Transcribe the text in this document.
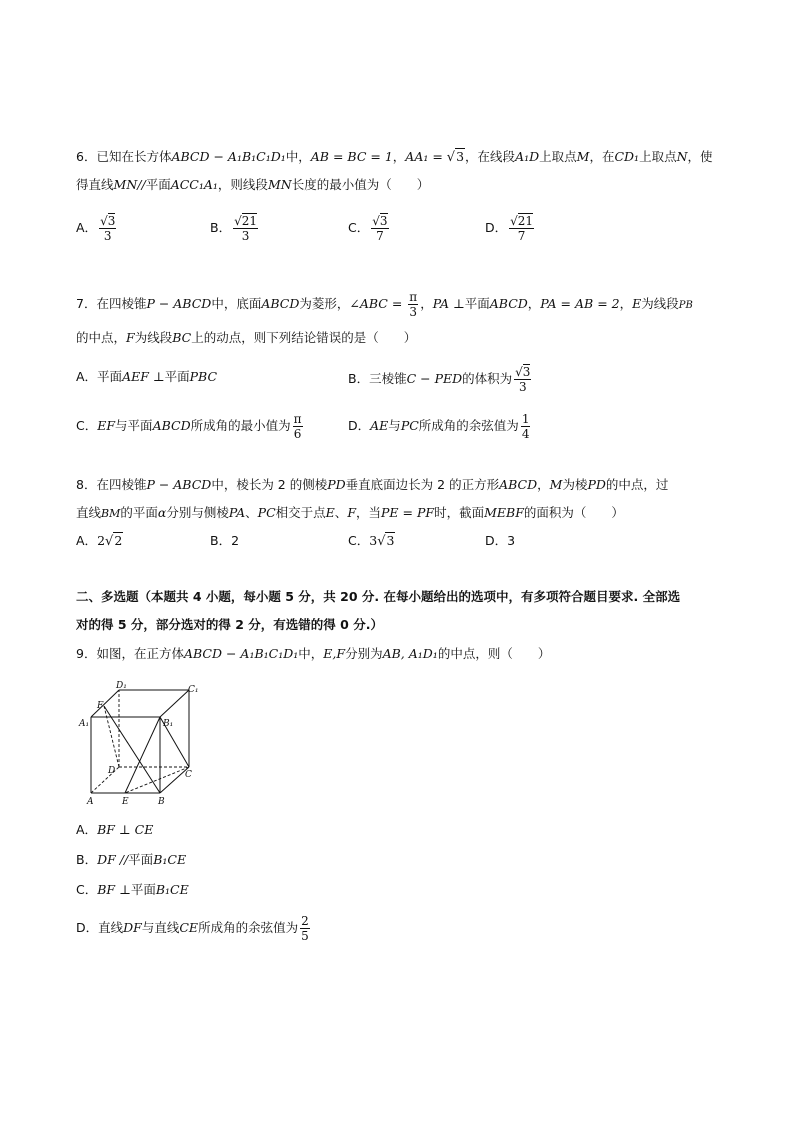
6．已知在长方体ABCD − A₁B₁C₁D₁中，AB = BC = 1，AA₁ = √3，在线段A₁D上取点M，在CD₁上取点N，使
得直线MN//平面ACC₁A₁，则线段MN长度的最小值为（　　）
A． $\frac{√3}{3}$	B． $\frac{√21}{3}$	C． $\frac{√3}{7}$	D． $\frac{√21}{7}$
7．在四棱锥P − ABCD中，底面ABCD为菱形，∠ABC = $\frac{\pi}{3}$ ，PA ⊥平面ABCD，PA = AB = 2，E为线段PB
的中点，F为线段BC上的动点，则下列结论错误的是（　　）
A．平面AEF ⊥平面PBC	B．三棱锥C − PED的体积为 $\frac{√3}{3}$
C．EF与平面ABCD所成角的最小值为 $\frac{\pi}{6}$	D．AE与PC所成角的余弦值为 $\frac{1}{4}$
8．在四棱锥P − ABCD中，棱长为 2 的侧棱PD垂直底面边长为 2 的正方形ABCD，M为棱PD的中点，过
直线BM的平面α分别与侧棱PA、PC相交于点E、F，当PE = PF时，截面MEBF的面积为（　　）
A．2√2	B．2	C．3√3	D．3
二、多选题（本题共 4 小题，每小题 5 分，共 20 分. 在每小题给出的选项中，有多项符合题目要求. 全部选
对的得 5 分，部分选对的得 2 分，有选错的得 0 分.）
9．如图，在正方体ABCD − A₁B₁C₁D₁中，E,F分别为AB, A₁D₁的中点，则（　　）
D₁	C₁
F
B₁
A₁
D	C
A	E	B
A．BF ⊥ CE
B．DF //平面B₁CE
C．BF ⊥平面B₁CE
D．直线DF与直线CE所成角的余弦值为 $\frac{2}{5}$
